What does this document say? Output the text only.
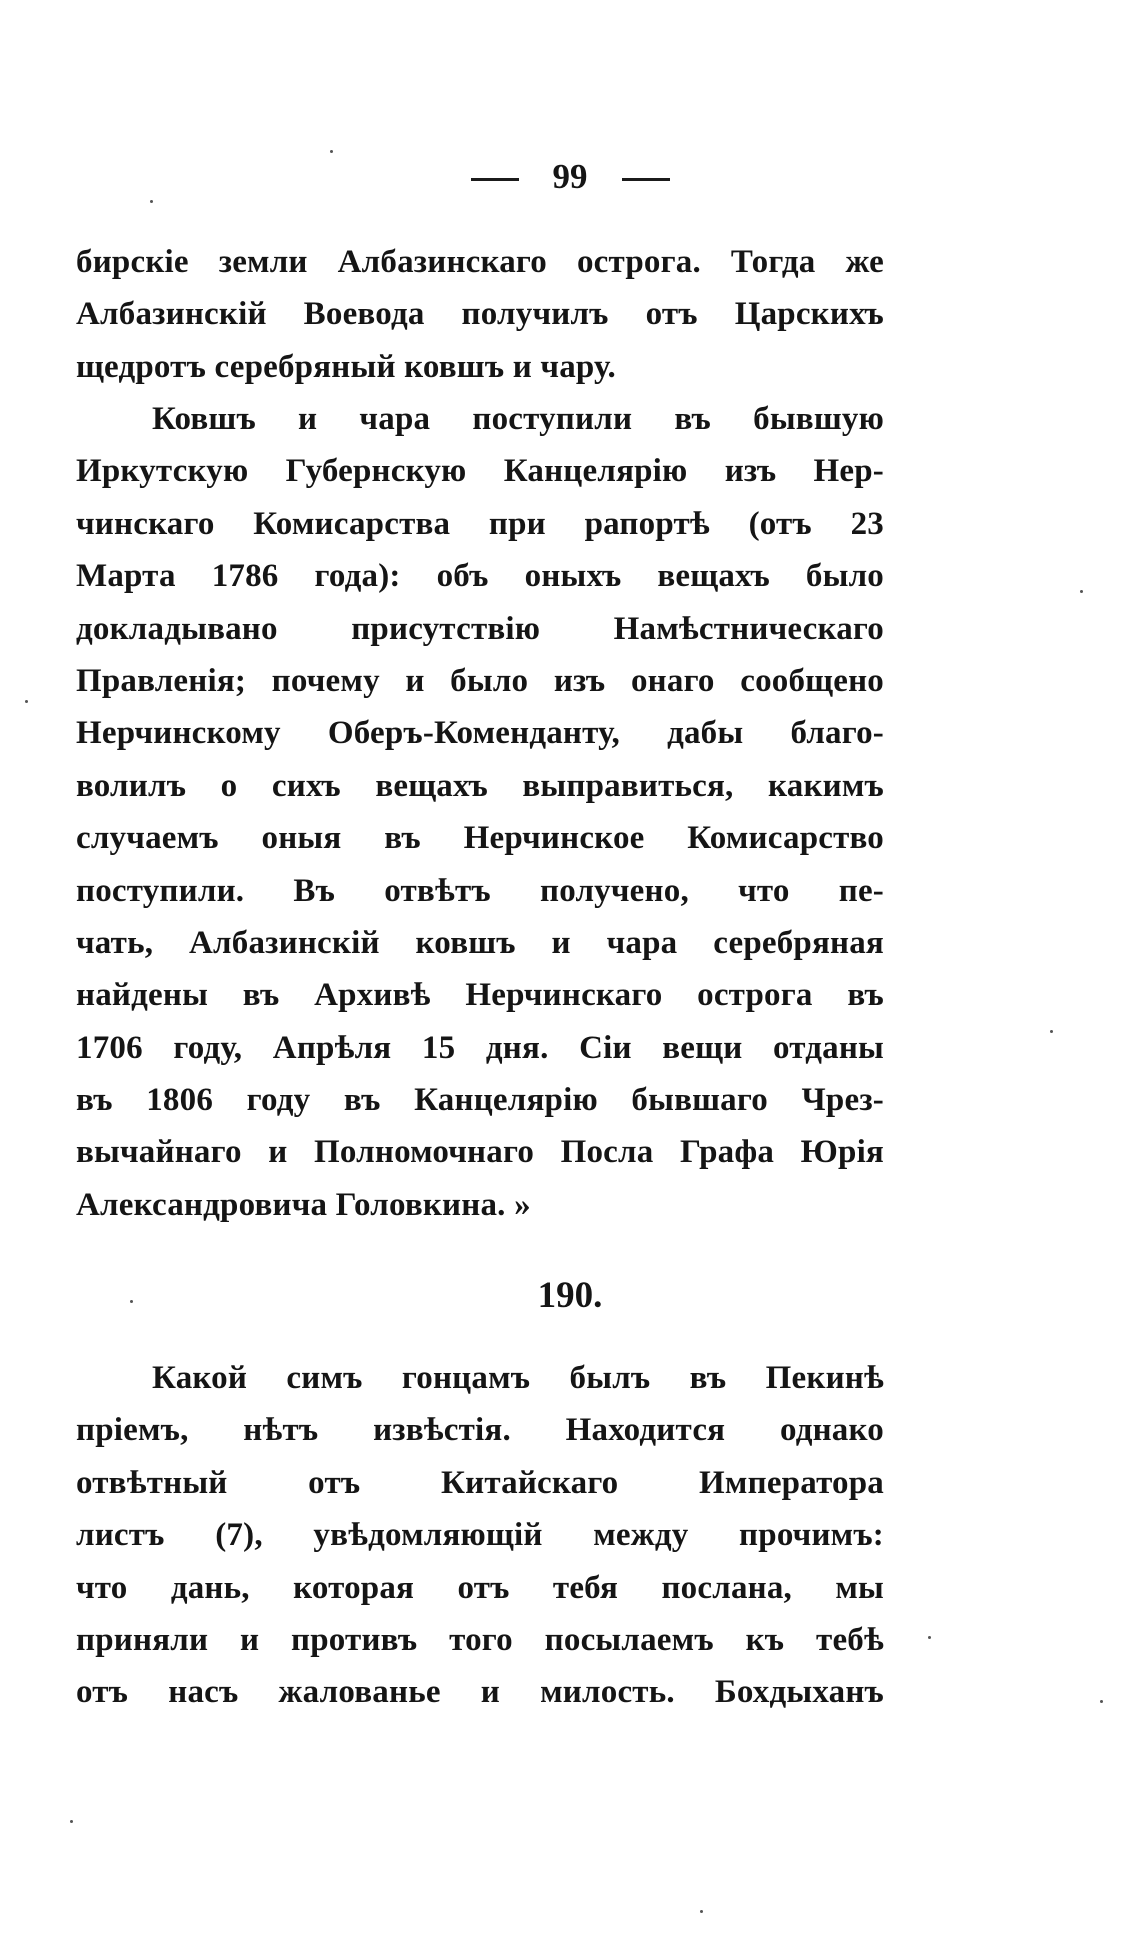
99
бирскіе земли Албазинскаго острога. Тогда же
Албазинскій Воевода получилъ отъ Царскихъ
щедротъ серебряный ковшъ и чару.
Ковшъ и чара поступили въ бывшую
Иркутскую Губернскую Канцелярію изъ Нер-
чинскаго Комисарства при рапортѣ (отъ 23
Марта 1786 года): объ оныхъ вещахъ было
докладывано присутствію Намѣстническаго
Правленія; почему и было изъ онаго сообщено
Нерчинскому Оберъ-Коменданту, дабы благо-
волилъ о сихъ вещахъ выправиться, какимъ
случаемъ оныя въ Нерчинское Комисарство
поступили. Въ отвѣтъ получено, что пе-
чать, Албазинскій ковшъ и чара серебряная
найдены въ Архивѣ Нерчинскаго острога въ
1706 году, Апрѣля 15 дня. Сіи вещи отданы
въ 1806 году въ Канцелярію бывшаго Чрез-
вычайнаго и Полномочнаго Посла Графа Юрія
Александровича Головкина. »
190.
Какой симъ гонцамъ былъ въ Пекинѣ
пріемъ, нѣтъ извѣстія. Находится однако
отвѣтный отъ Китайскаго Императора
листъ (7), увѣдомляющій между прочимъ:
что дань, которая отъ тебя послана, мы
приняли и противъ того посылаемъ къ тебѣ
отъ насъ жалованье и милость. Бохдыханъ
